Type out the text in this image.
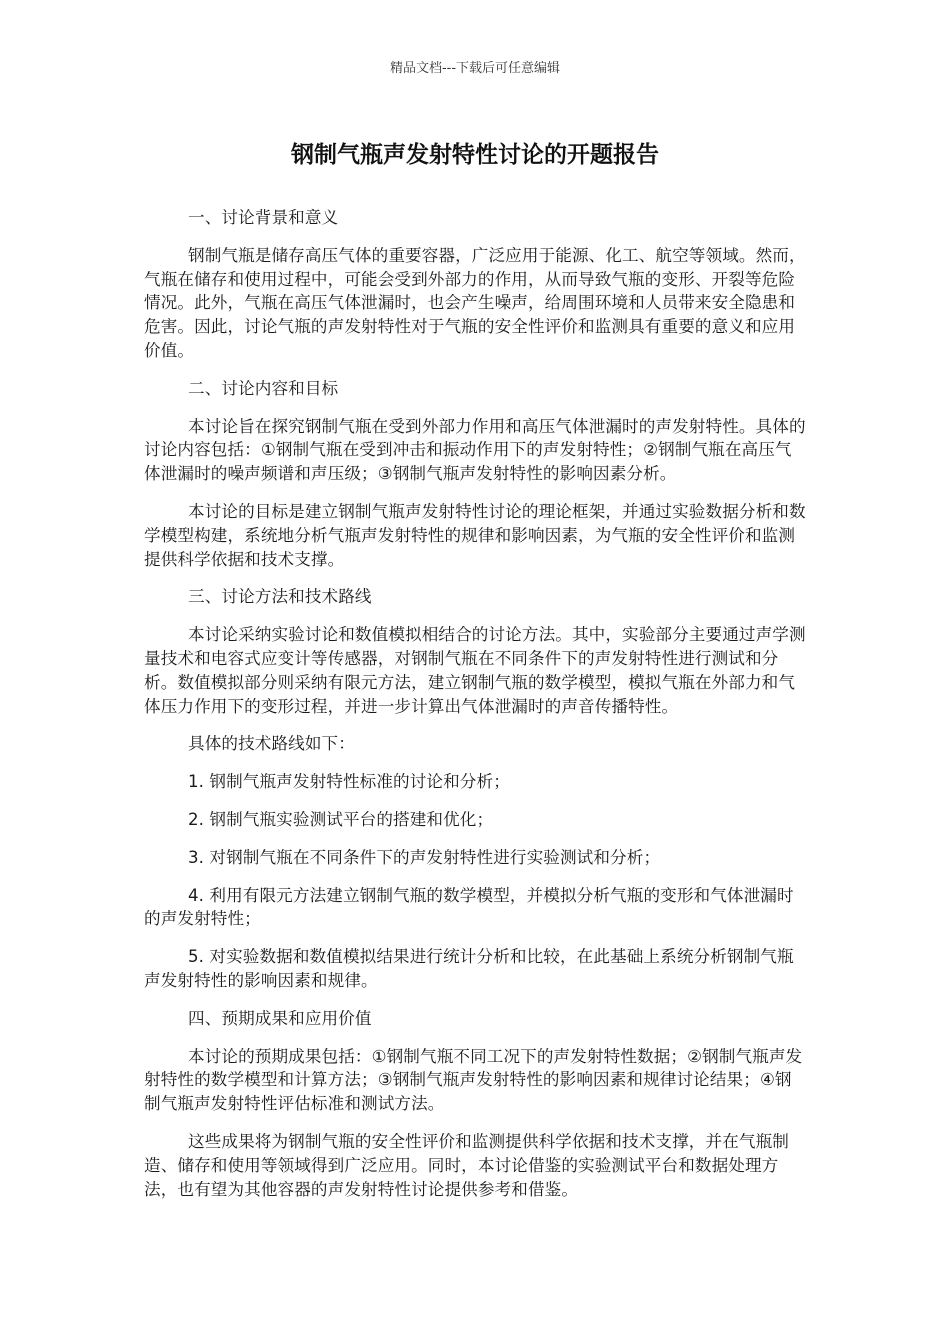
精品文档---下载后可任意编辑
钢制气瓶声发射特性讨论的开题报告

一、讨论背景和意义

钢制气瓶是储存高压气体的重要容器，广泛应用于能源、化工、航空等领域。然而，气瓶在储存和使用过程中，可能会受到外部力的作用，从而导致气瓶的变形、开裂等危险情况。此外，气瓶在高压气体泄漏时，也会产生噪声，给周围环境和人员带来安全隐患和危害。因此，讨论气瓶的声发射特性对于气瓶的安全性评价和监测具有重要的意义和应用价值。

二、讨论内容和目标

本讨论旨在探究钢制气瓶在受到外部力作用和高压气体泄漏时的声发射特性。具体的讨论内容包括：①钢制气瓶在受到冲击和振动作用下的声发射特性；②钢制气瓶在高压气体泄漏时的噪声频谱和声压级；③钢制气瓶声发射特性的影响因素分析。

本讨论的目标是建立钢制气瓶声发射特性讨论的理论框架，并通过实验数据分析和数学模型构建，系统地分析气瓶声发射特性的规律和影响因素，为气瓶的安全性评价和监测提供科学依据和技术支撑。

三、讨论方法和技术路线

本讨论采纳实验讨论和数值模拟相结合的讨论方法。其中，实验部分主要通过声学测量技术和电容式应变计等传感器，对钢制气瓶在不同条件下的声发射特性进行测试和分析。数值模拟部分则采纳有限元方法，建立钢制气瓶的数学模型，模拟气瓶在外部力和气体压力作用下的变形过程，并进一步计算出气体泄漏时的声音传播特性。

具体的技术路线如下：

1. 钢制气瓶声发射特性标准的讨论和分析；

2. 钢制气瓶实验测试平台的搭建和优化；

3. 对钢制气瓶在不同条件下的声发射特性进行实验测试和分析；

4. 利用有限元方法建立钢制气瓶的数学模型，并模拟分析气瓶的变形和气体泄漏时的声发射特性；

5. 对实验数据和数值模拟结果进行统计分析和比较，在此基础上系统分析钢制气瓶声发射特性的影响因素和规律。

四、预期成果和应用价值

本讨论的预期成果包括：①钢制气瓶不同工况下的声发射特性数据；②钢制气瓶声发射特性的数学模型和计算方法；③钢制气瓶声发射特性的影响因素和规律讨论结果；④钢制气瓶声发射特性评估标准和测试方法。

这些成果将为钢制气瓶的安全性评价和监测提供科学依据和技术支撑，并在气瓶制造、储存和使用等领域得到广泛应用。同时，本讨论借鉴的实验测试平台和数据处理方法，也有望为其他容器的声发射特性讨论提供参考和借鉴。
